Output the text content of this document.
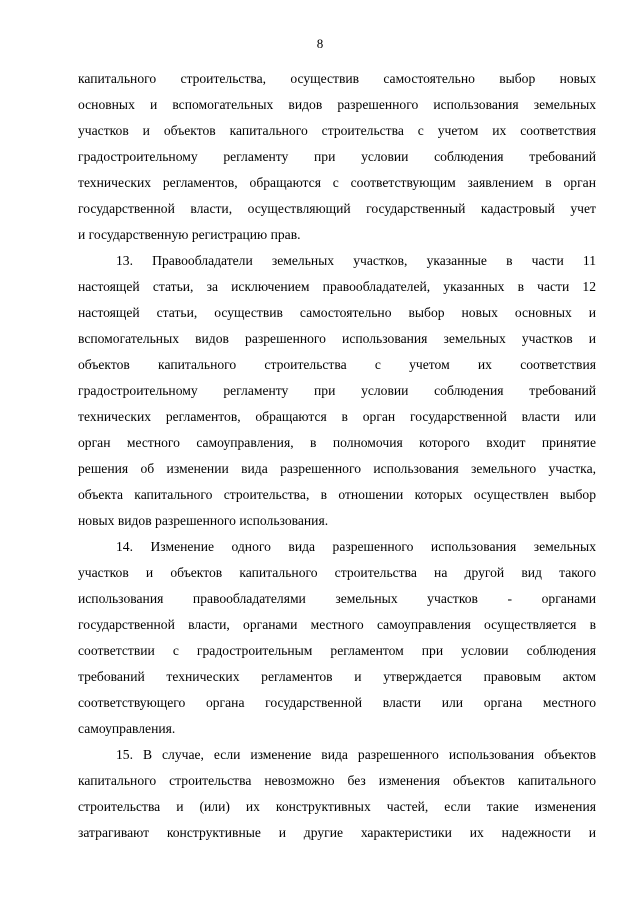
8
капитального строительства, осуществив самостоятельно выбор новых
основных и вспомогательных видов разрешенного использования земельных
участков и объектов капитального строительства с учетом их соответствия
градостроительному регламенту при условии соблюдения требований
технических регламентов, обращаются с соответствующим заявлением в орган
государственной власти, осуществляющий государственный кадастровый учет
и государственную регистрацию прав.
13. Правообладатели земельных участков, указанные в части 11
настоящей статьи, за исключением правообладателей, указанных в части 12
настоящей статьи, осуществив самостоятельно выбор новых основных и
вспомогательных видов разрешенного использования земельных участков и
объектов капитального строительства с учетом их соответствия
градостроительному регламенту при условии соблюдения требований
технических регламентов, обращаются в орган государственной власти или
орган местного самоуправления, в полномочия которого входит принятие
решения об изменении вида разрешенного использования земельного участка,
объекта капитального строительства, в отношении которых осуществлен выбор
новых видов разрешенного использования.
14. Изменение одного вида разрешенного использования земельных
участков и объектов капитального строительства на другой вид такого
использования правообладателями земельных участков - органами
государственной власти, органами местного самоуправления осуществляется в
соответствии с градостроительным регламентом при условии соблюдения
требований технических регламентов и утверждается правовым актом
соответствующего органа государственной власти или органа местного
самоуправления.
15. В случае, если изменение вида разрешенного использования объектов
капитального строительства невозможно без изменения объектов капитального
строительства и (или) их конструктивных частей, если такие изменения
затрагивают конструктивные и другие характеристики их надежности и
